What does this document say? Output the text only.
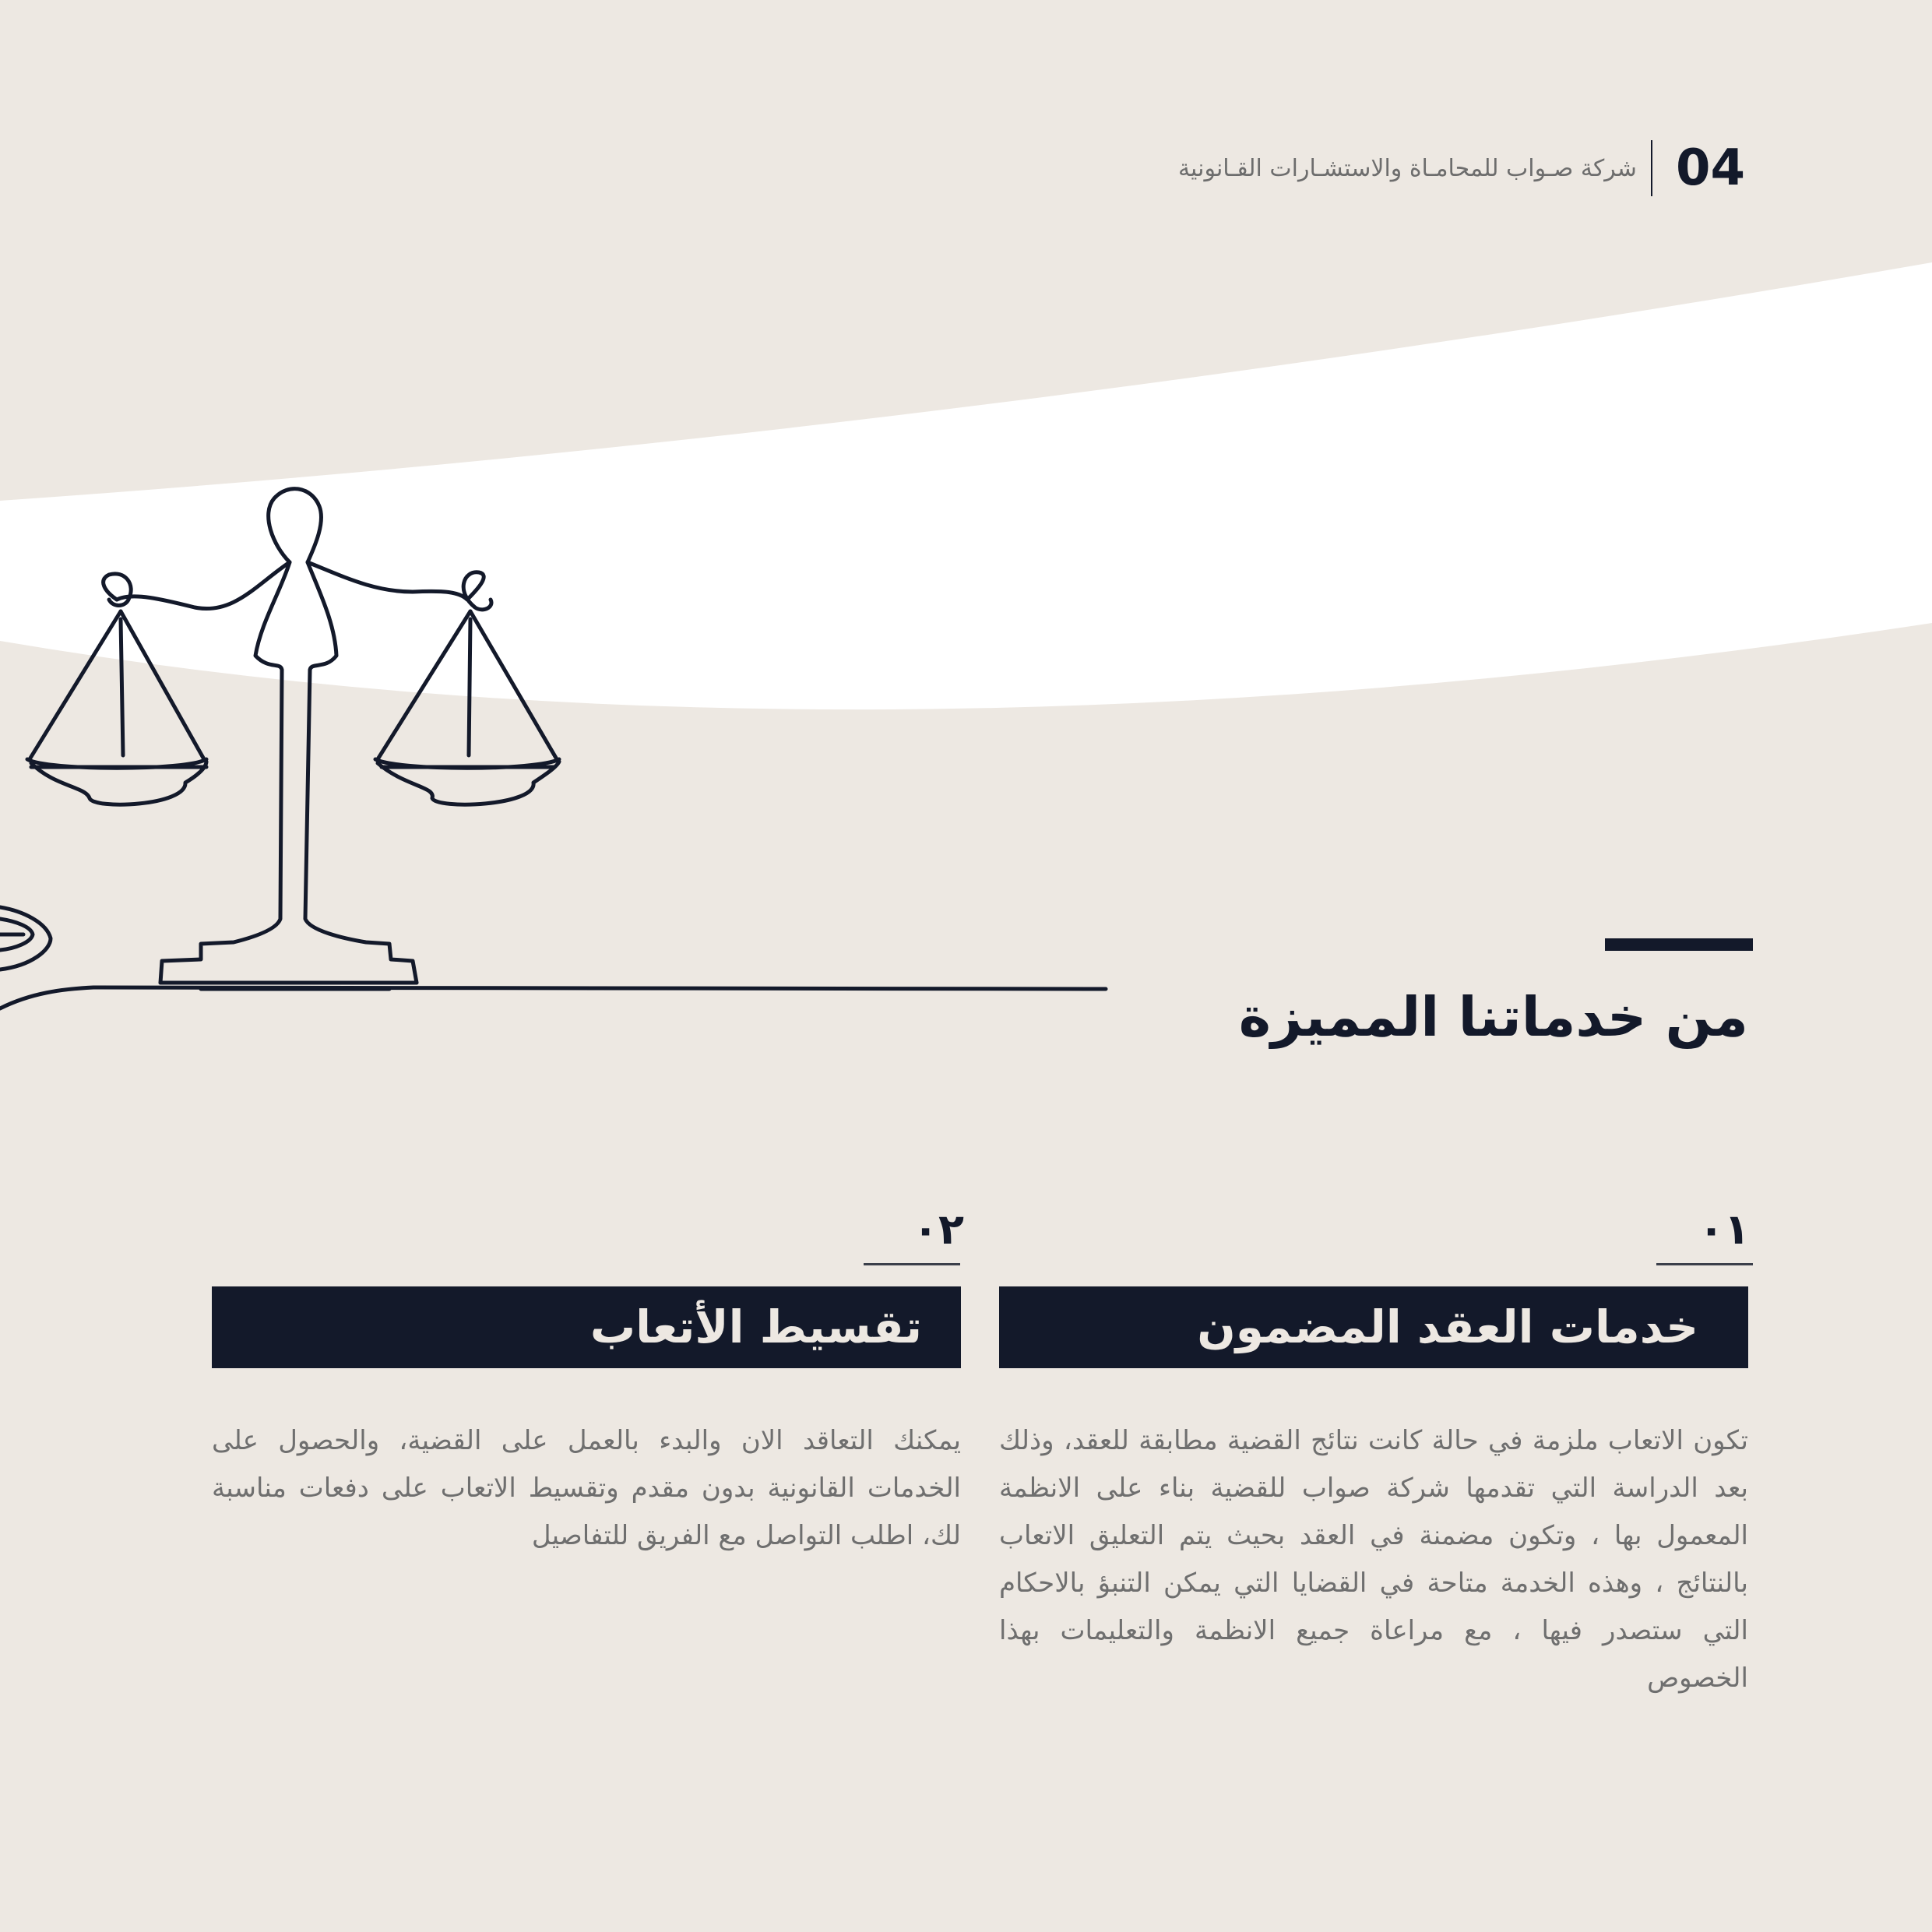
شركة صـواب للمحامـاة والاستشـارات القـانونية 04
من خدماتنا المميزة
٠١
خدمات العقد المضمون
تكون الاتعاب ملزمة في حالة كانت نتائج القضية مطابقة للعقد، وذلك بعد الدراسة التي تقدمها شركة صواب للقضية بناء على الانظمة المعمول بها ، وتكون مضمنة في العقد بحيث يتم التعليق الاتعاب بالنتائج ، وهذه الخدمة متاحة في القضايا التي يمكن التنبؤ بالاحكام التي ستصدر فيها ، مع مراعاة جميع الانظمة والتعليمات بهذا الخصوص
٠٢
تقسيط الأتعاب
يمكنك التعاقد الان والبدء بالعمل على القضية، والحصول على الخدمات القانونية بدون مقدم وتقسيط الاتعاب على دفعات مناسبة لك، اطلب التواصل مع الفريق للتفاصيل
